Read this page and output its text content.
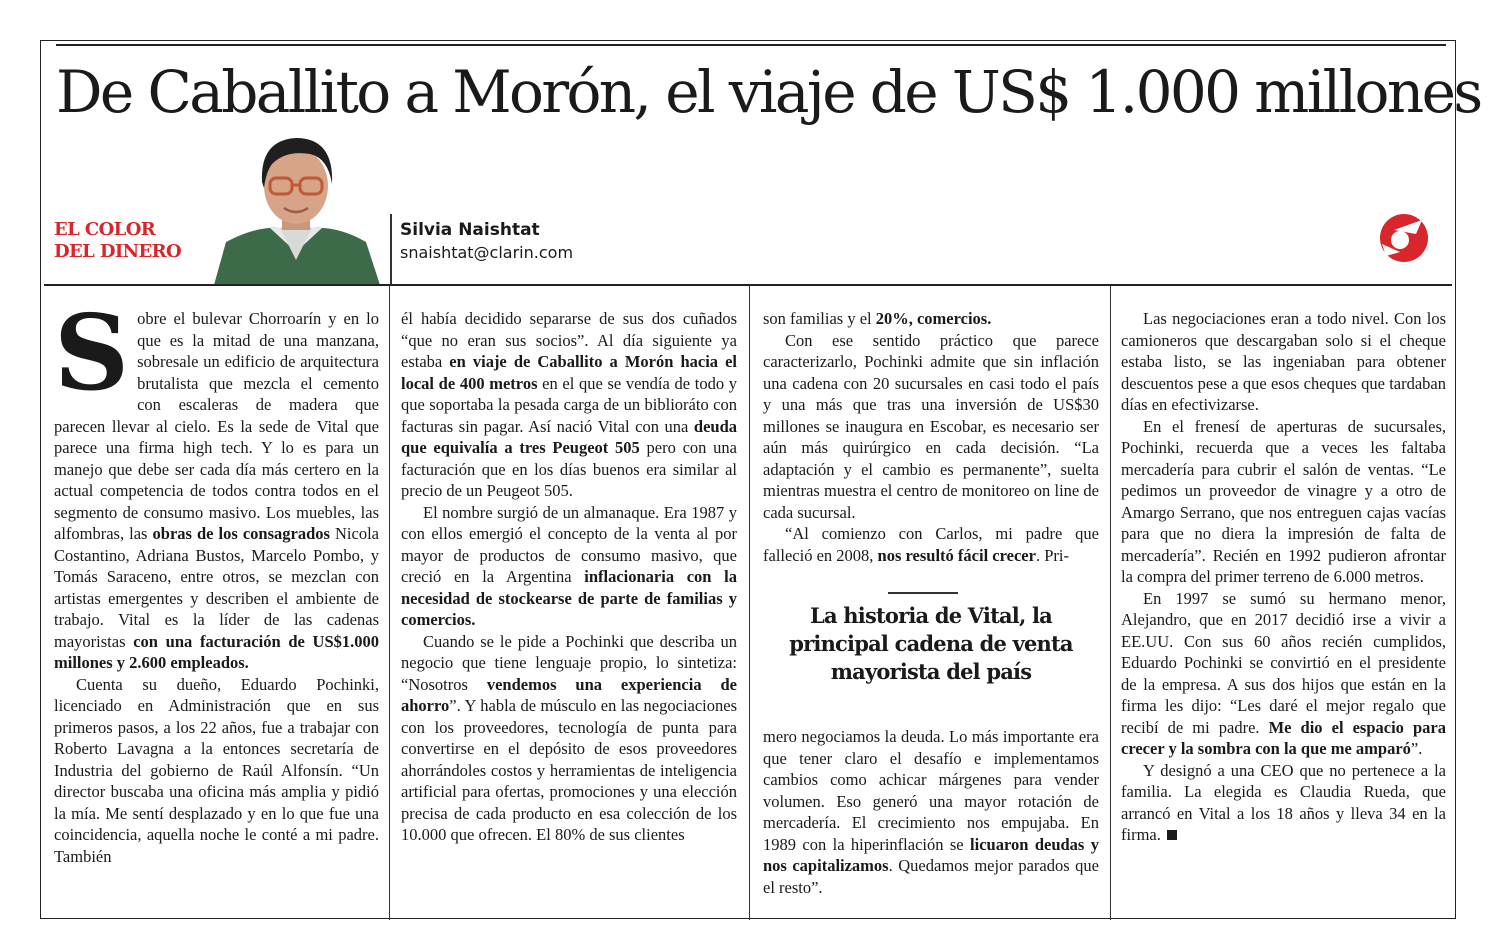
De Caballito a Morón, el viaje de US$ 1.000 millones
EL COLOR
DEL DINERO
Silvia Naishtat
snaishtat@clarin.com

Sobre el bulevar Chorroarín y en lo que es la mitad de una manzana, sobresale un edificio de arquitectura brutalista que mezcla el cemento con escaleras de madera que parecen llevar al cielo. Es la sede de Vital que parece una firma high tech. Y lo es para un manejo que debe ser cada día más certero en la actual competencia de todos contra todos en el segmento de consumo masivo. Los muebles, las alfombras, las obras de los consagrados Nicola Costantino, Adriana Bustos, Marcelo Pombo, y Tomás Saraceno, entre otros, se mezclan con artistas emergentes y describen el ambiente de trabajo. Vital es la líder de las cadenas mayoristas con una facturación de US$1.000 millones y 2.600 empleados.

Cuenta su dueño, Eduardo Pochinki, licenciado en Administración que en sus primeros pasos, a los 22 años, fue a trabajar con Roberto Lavagna a la entonces secretaría de Industria del gobierno de Raúl Alfonsín. “Un director buscaba una oficina más amplia y pidió la mía. Me sentí desplazado y en lo que fue una coincidencia, aquella noche le conté a mi padre. También

él había decidido separarse de sus dos cuñados “que no eran sus socios”. Al día siguiente ya estaba en viaje de Caballito a Morón hacia el local de 400 metros en el que se vendía de todo y que soportaba la pesada carga de un biblioráto con facturas sin pagar. Así nació Vital con una deuda que equivalía a tres Peugeot 505 pero con una facturación que en los días buenos era similar al precio de un Peugeot 505.

El nombre surgió de un almanaque. Era 1987 y con ellos emergió el concepto de la venta al por mayor de productos de consumo masivo, que creció en la Argentina inflacionaria con la necesidad de stockearse de parte de familias y comercios.

Cuando se le pide a Pochinki que describa un negocio que tiene lenguaje propio, lo sintetiza: “Nosotros vendemos una experiencia de ahorro”. Y habla de músculo en las negociaciones con los proveedores, tecnología de punta para convertirse en el depósito de esos proveedores ahorrándoles costos y herramientas de inteligencia artificial para ofertas, promociones y una elección precisa de cada producto en esa colección de los 10.000 que ofrecen. El 80% de sus clientes

son familias y el 20%, comercios.

Con ese sentido práctico que parece caracterizarlo, Pochinki admite que sin inflación una cadena con 20 sucursales en casi todo el país y una más que tras una inversión de US$30 millones se inaugura en Escobar, es necesario ser aún más quirúrgico en cada decisión. “La adaptación y el cambio es permanente”, suelta mientras muestra el centro de monitoreo on line de cada sucursal.

“Al comienzo con Carlos, mi padre que falleció en 2008, nos resultó fácil crecer. Pri-

La historia de Vital, la principal cadena de venta mayorista del país

mero negociamos la deuda. Lo más importante era que tener claro el desafío e implementamos cambios como achicar márgenes para vender volumen. Eso generó una mayor rotación de mercadería. El crecimiento nos empujaba. En 1989 con la hiperinflación se licuaron deudas y nos capitalizamos. Quedamos mejor parados que el resto”.

Las negociaciones eran a todo nivel. Con los camioneros que descargaban solo si el cheque estaba listo, se las ingeniaban para obtener descuentos pese a que esos cheques que tardaban días en efectivizarse.

En el frenesí de aperturas de sucursales, Pochinki, recuerda que a veces les faltaba mercadería para cubrir el salón de ventas. “Le pedimos un proveedor de vinagre y a otro de Amargo Serrano, que nos entreguen cajas vacías para que no diera la impresión de falta de mercadería”. Recién en 1992 pudieron afrontar la compra del primer terreno de 6.000 metros.

En 1997 se sumó su hermano menor, Alejandro, que en 2017 decidió irse a vivir a EE.UU. Con sus 60 años recién cumplidos, Eduardo Pochinki se convirtió en el presidente de la empresa. A sus dos hijos que están en la firma les dijo: “Les daré el mejor regalo que recibí de mi padre. Me dio el espacio para crecer y la sombra con la que me amparó”.

Y designó a una CEO que no pertenece a la familia. La elegida es Claudia Rueda, que arrancó en Vital a los 18 años y lleva 34 en la firma.
